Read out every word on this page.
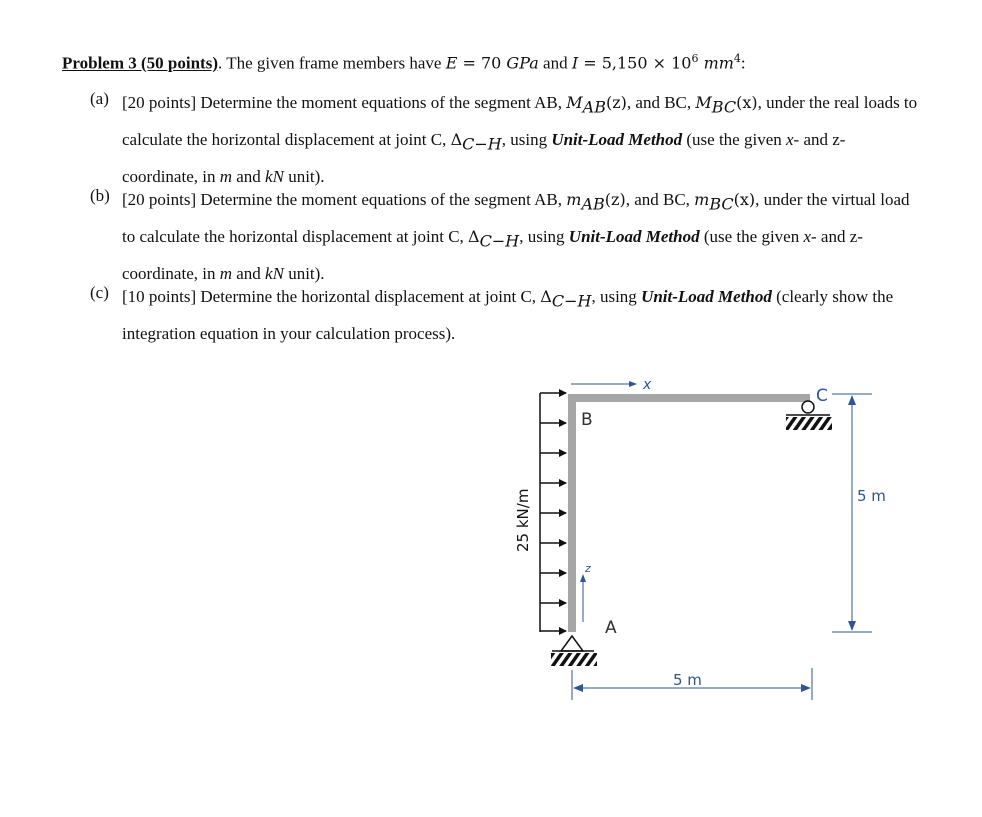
Problem 3 (50 points). The given frame members have E = 70 GPa and $I = 5,150 \times 10^6$ $mm^4$:
(a) [20 points] Determine the moment equations of the segment AB, $M_{AB}(z)$, and BC, $M_{BC}(x)$, under the real loads to calculate the horizontal displacement at joint C, $\Delta_{C-H}$, using Unit-Load Method (use the given x- and z-coordinate, in m and kN unit).
(b) [20 points] Determine the moment equations of the segment AB, $m_{AB}(z)$, and BC, $m_{BC}(x)$, under the virtual load to calculate the horizontal displacement at joint C, $\Delta_{C-H}$, using Unit-Load Method (use the given x- and z-coordinate, in m and kN unit).
(c) [10 points] Determine the horizontal displacement at joint C, $\Delta_{C-H}$, using Unit-Load Method (clearly show the integration equation in your calculation process).
25 kN/m
x
z
B
A
C
5 m
5 m
